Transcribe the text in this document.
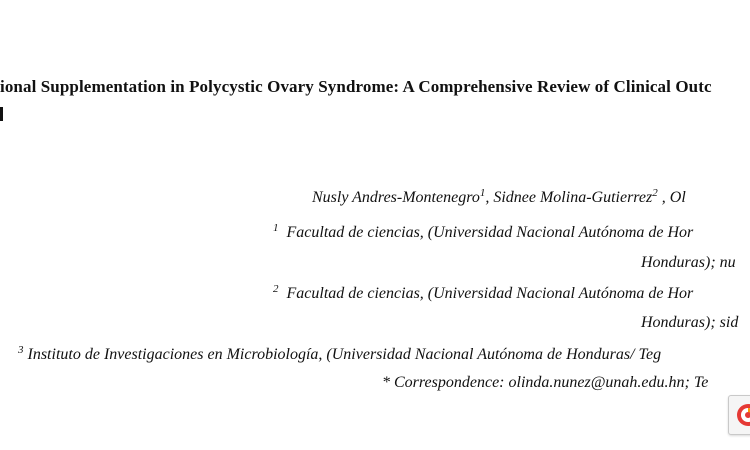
ional Supplementation in Polycystic Ovary Syndrome: A Comprehensive Review of Clinical Outc
Nusly Andres-Montenegro$^1$, Sidnee Molina-Gutierrez$^2$ , Ol
$^1$ Facultad de ciencias, (Universidad Nacional Autónoma de Hor
Honduras); nu
$^2$ Facultad de ciencias, (Universidad Nacional Autónoma de Hor
Honduras); sid
$^3$ Instituto de Investigaciones en Microbiología, (Universidad Nacional Autónoma de Honduras/ Teg
* Correspondence: olinda.nunez@unah.edu.hn; Te
